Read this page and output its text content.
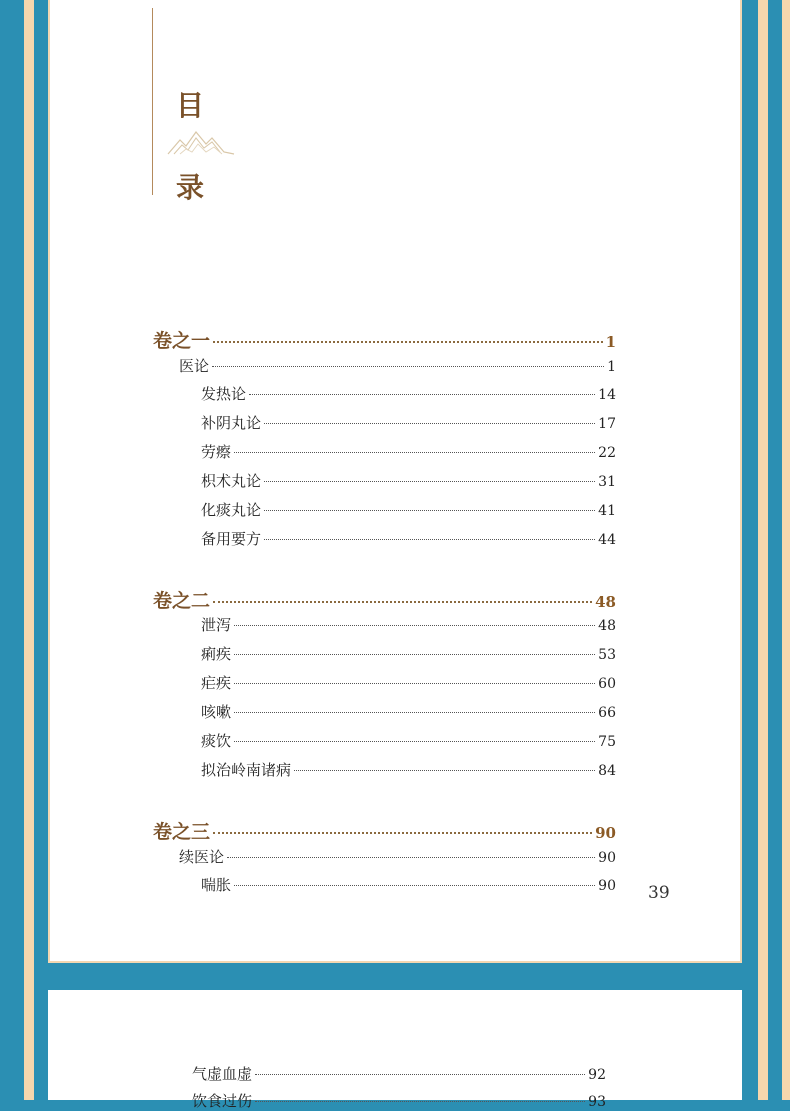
目
录
卷之一	1
医论	1
发热论	14
补阴丸论	17
劳瘵	22
枳术丸论	31
化痰丸论	41
备用要方	44
卷之二	48
泄泻	48
痢疾	53
疟疾	60
咳嗽	66
痰饮	75
拟治岭南诸病	84
卷之三	90
续医论	90
喘胀	90
气虚血虚	92
饮食过伤	93
39
